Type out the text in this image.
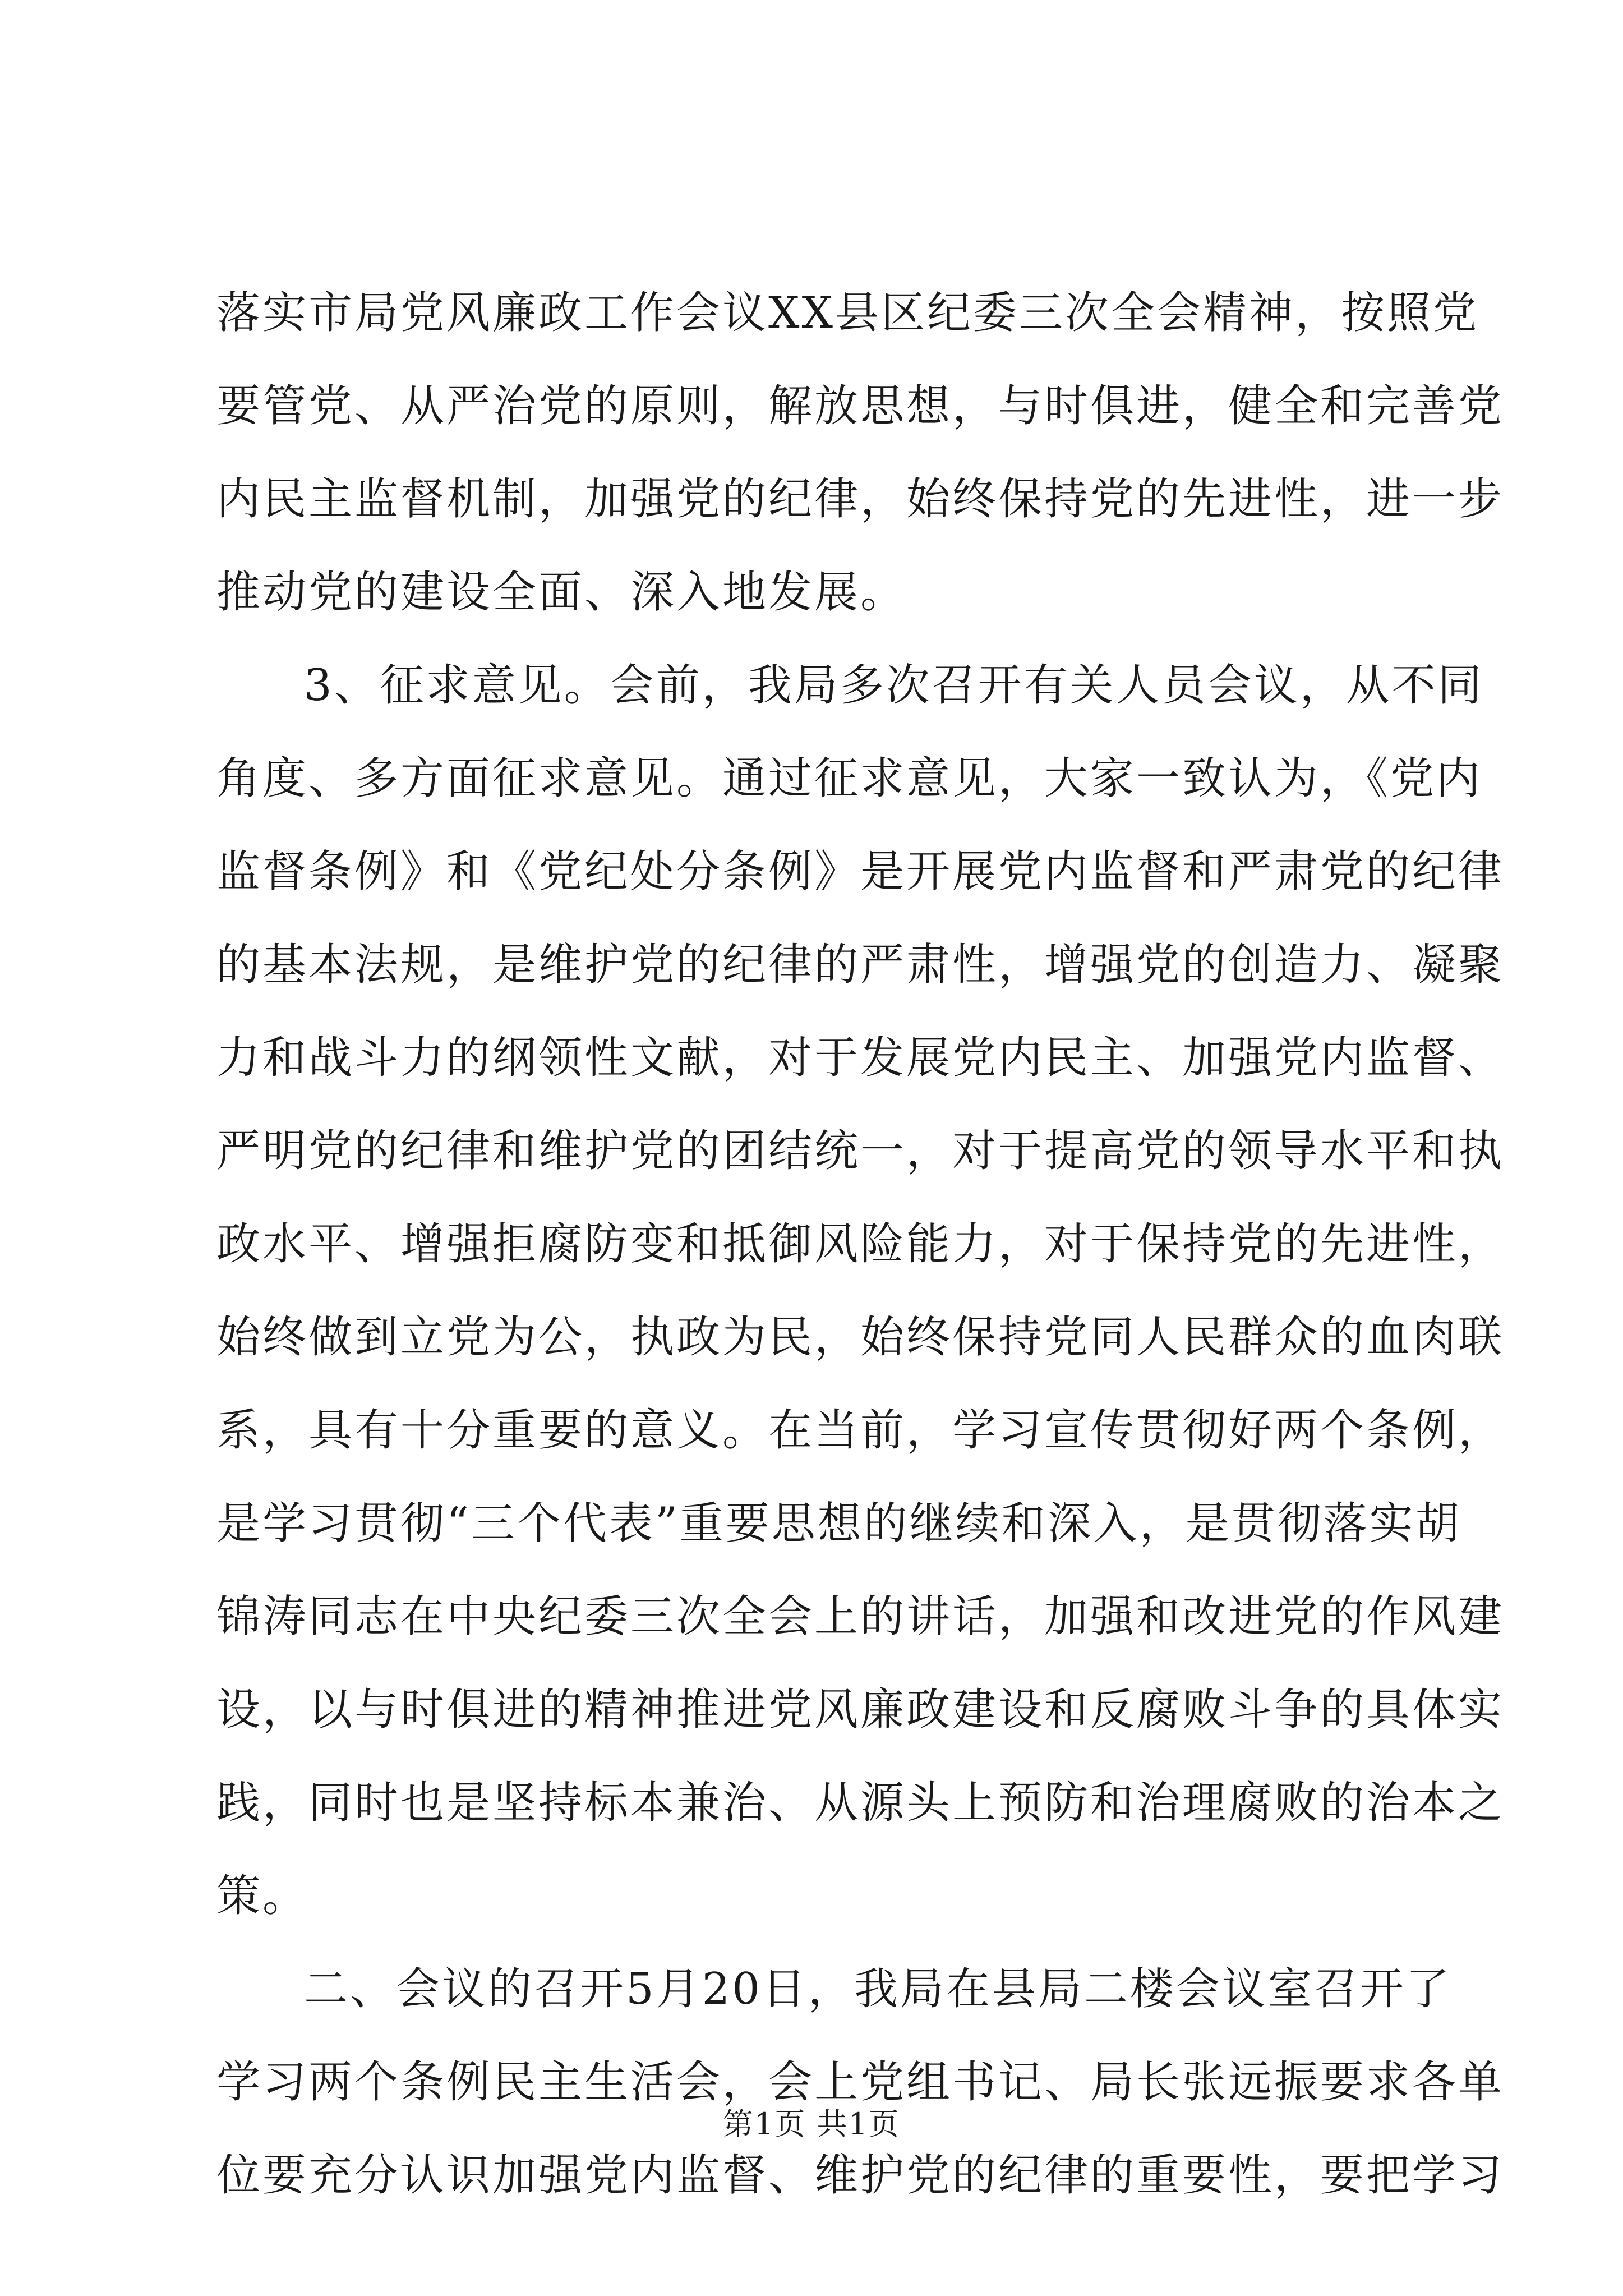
落实市局党风廉政工作会议XX县区纪委三次全会精神，按照党
要管党、从严治党的原则，解放思想，与时俱进，健全和完善党
内民主监督机制，加强党的纪律，始终保持党的先进性，进一步
推动党的建设全面、深入地发展。
3、征求意见。会前，我局多次召开有关人员会议，从不同
角度、多方面征求意见。通过征求意见，大家一致认为，《党内
监督条例》和《党纪处分条例》是开展党内监督和严肃党的纪律
的基本法规，是维护党的纪律的严肃性，增强党的创造力、凝聚
力和战斗力的纲领性文献，对于发展党内民主、加强党内监督、
严明党的纪律和维护党的团结统一，对于提高党的领导水平和执
政水平、增强拒腐防变和抵御风险能力，对于保持党的先进性，
始终做到立党为公，执政为民，始终保持党同人民群众的血肉联
系，具有十分重要的意义。在当前，学习宣传贯彻好两个条例，
是学习贯彻“三个代表”重要思想的继续和深入，是贯彻落实胡
锦涛同志在中央纪委三次全会上的讲话，加强和改进党的作风建
设，以与时俱进的精神推进党风廉政建设和反腐败斗争的具体实
践，同时也是坚持标本兼治、从源头上预防和治理腐败的治本之
策。
二、会议的召开5月20日，我局在县局二楼会议室召开了
学习两个条例民主生活会，会上党组书记、局长张远振要求各单
位要充分认识加强党内监督、维护党的纪律的重要性，要把学习
第1页 共1页
